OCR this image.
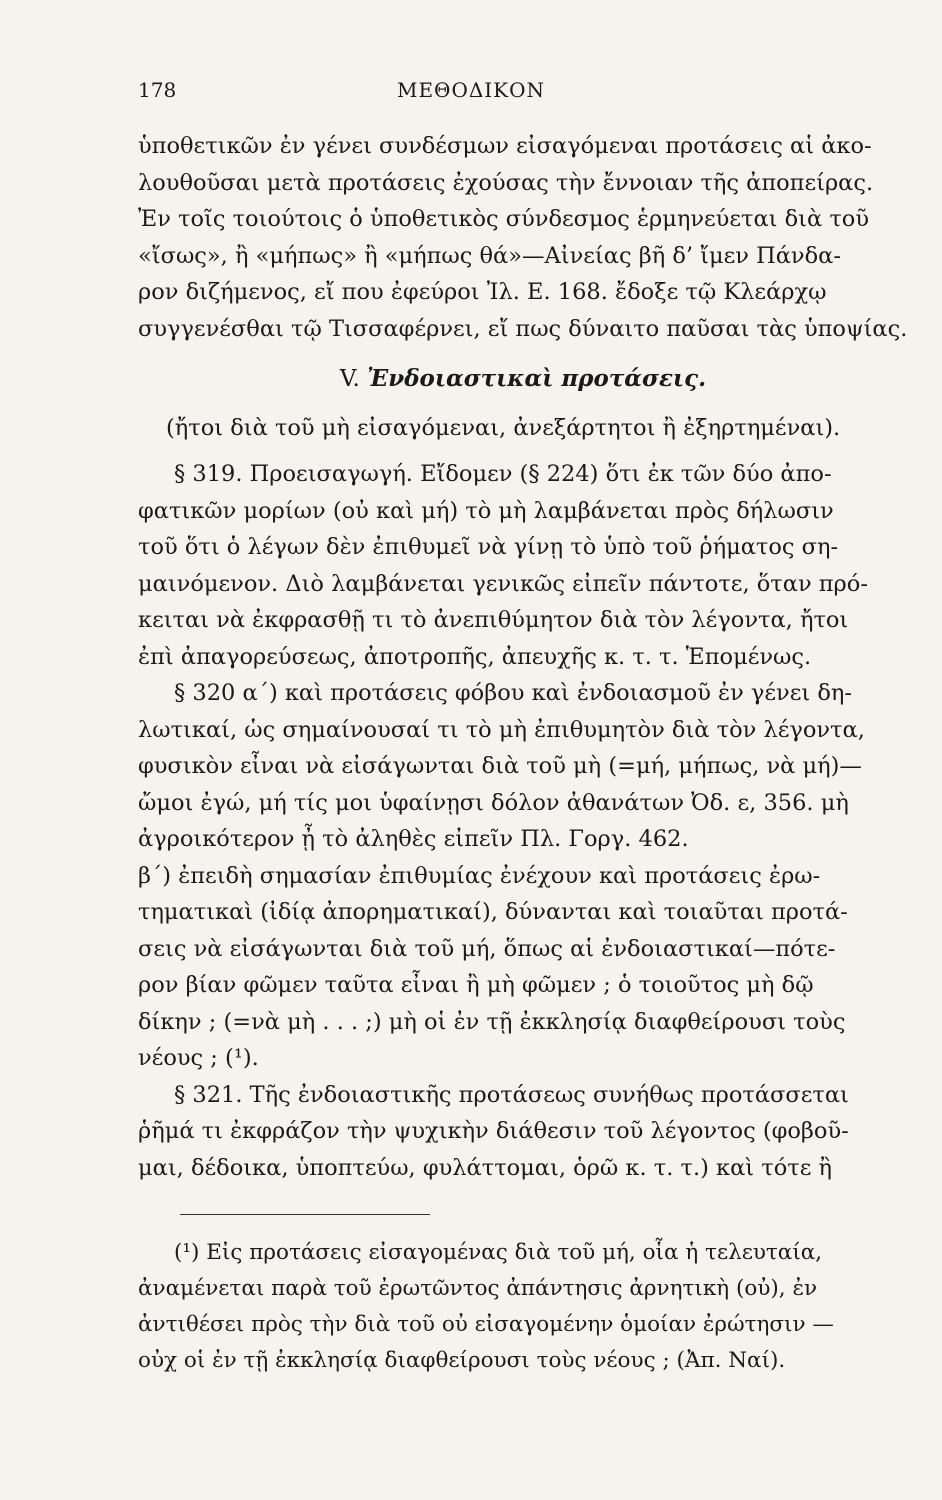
178	ΜΕΘΟΔΙΚΟΝ
ὑποθετικῶν ἐν γένει συνδέσμων εἰσαγόμεναι προτάσεις αἱ ἀκο-
λουθοῦσαι μετὰ προτάσεις ἐχούσας τὴν ἔννοιαν τῆς ἀποπείρας.
Ἐν τοῖς τοιούτοις ὁ ὑποθετικὸς σύνδεσμος ἑρμηνεύεται διὰ τοῦ
«ἴσως», ἢ «μήπως» ἢ «μήπως θά»—Αἰνείας βῆ δ’ ἴμεν Πάνδα-
ρον διζήμενος, εἴ που ἐφεύροι Ἰλ. Ε. 168. ἔδοξε τῷ Κλεάρχῳ
συγγενέσθαι τῷ Τισσαφέρνει, εἴ πως δύναιτο παῦσαι τὰς ὑποψίας.
V. Ἐνδοιαστικαὶ προτάσεις.
(ἤτοι διὰ τοῦ μὴ εἰσαγόμεναι, ἀνεξάρτητοι ἢ ἐξηρτημέναι).
§ 319. Προεισαγωγή. Εἴδομεν (§ 224) ὅτι ἐκ τῶν δύο ἀπο-
φατικῶν μορίων (οὐ καὶ μή) τὸ μὴ λαμβάνεται πρὸς δήλωσιν
τοῦ ὅτι ὁ λέγων δὲν ἐπιθυμεῖ νὰ γίνῃ τὸ ὑπὸ τοῦ ῥήματος ση-
μαινόμενον. Διὸ λαμβάνεται γενικῶς εἰπεῖν πάντοτε, ὅταν πρό-
κειται νὰ ἐκφρασθῇ τι τὸ ἀνεπιθύμητον διὰ τὸν λέγοντα, ἤτοι
ἐπὶ ἀπαγορεύσεως, ἀποτροπῆς, ἀπευχῆς κ. τ. τ. Ἑπομένως.
§ 320 α΄) καὶ προτάσεις φόβου καὶ ἐνδοιασμοῦ ἐν γένει δη-
λωτικαί, ὡς σημαίνουσαί τι τὸ μὴ ἐπιθυμητὸν διὰ τὸν λέγοντα,
φυσικὸν εἶναι νὰ εἰσάγωνται διὰ τοῦ μὴ (=μή, μήπως, νὰ μή)—
ὤμοι ἐγώ, μή τίς μοι ὑφαίνῃσι δόλον ἀθανάτων Ὀδ. ε, 356. μὴ
ἀγροικότερον ᾖ τὸ ἀληθὲς εἰπεῖν Πλ. Γοργ. 462.
β΄) ἐπειδὴ σημασίαν ἐπιθυμίας ἐνέχουν καὶ προτάσεις ἐρω-
τηματικαὶ (ἰδίᾳ ἀπορηματικαί), δύνανται καὶ τοιαῦται προτά-
σεις νὰ εἰσάγωνται διὰ τοῦ μή, ὅπως αἱ ἐνδοιαστικαί—πότε-
ρον βίαν φῶμεν ταῦτα εἶναι ἢ μὴ φῶμεν ; ὁ τοιοῦτος μὴ δῷ
δίκην ; (=νὰ μὴ . . . ;) μὴ οἱ ἐν τῇ ἐκκλησίᾳ διαφθείρουσι τοὺς
νέους ; (¹).
§ 321. Τῆς ἐνδοιαστικῆς προτάσεως συνήθως προτάσσεται
ῥῆμά τι ἐκφράζον τὴν ψυχικὴν διάθεσιν τοῦ λέγοντος (φοβοῦ-
μαι, δέδοικα, ὑποπτεύω, φυλάττομαι, ὁρῶ κ. τ. τ.) καὶ τότε ἢ
(¹) Εἰς προτάσεις εἰσαγομένας διὰ τοῦ μή, οἷα ἡ τελευταία,
ἀναμένεται παρὰ τοῦ ἐρωτῶντος ἀπάντησις ἀρνητικὴ (οὐ), ἐν
ἀντιθέσει πρὸς τὴν διὰ τοῦ οὐ εἰσαγομένην ὁμοίαν ἐρώτησιν —
οὐχ οἱ ἐν τῇ ἐκκλησίᾳ διαφθείρουσι τοὺς νέους ; (Ἀπ. Ναί).
